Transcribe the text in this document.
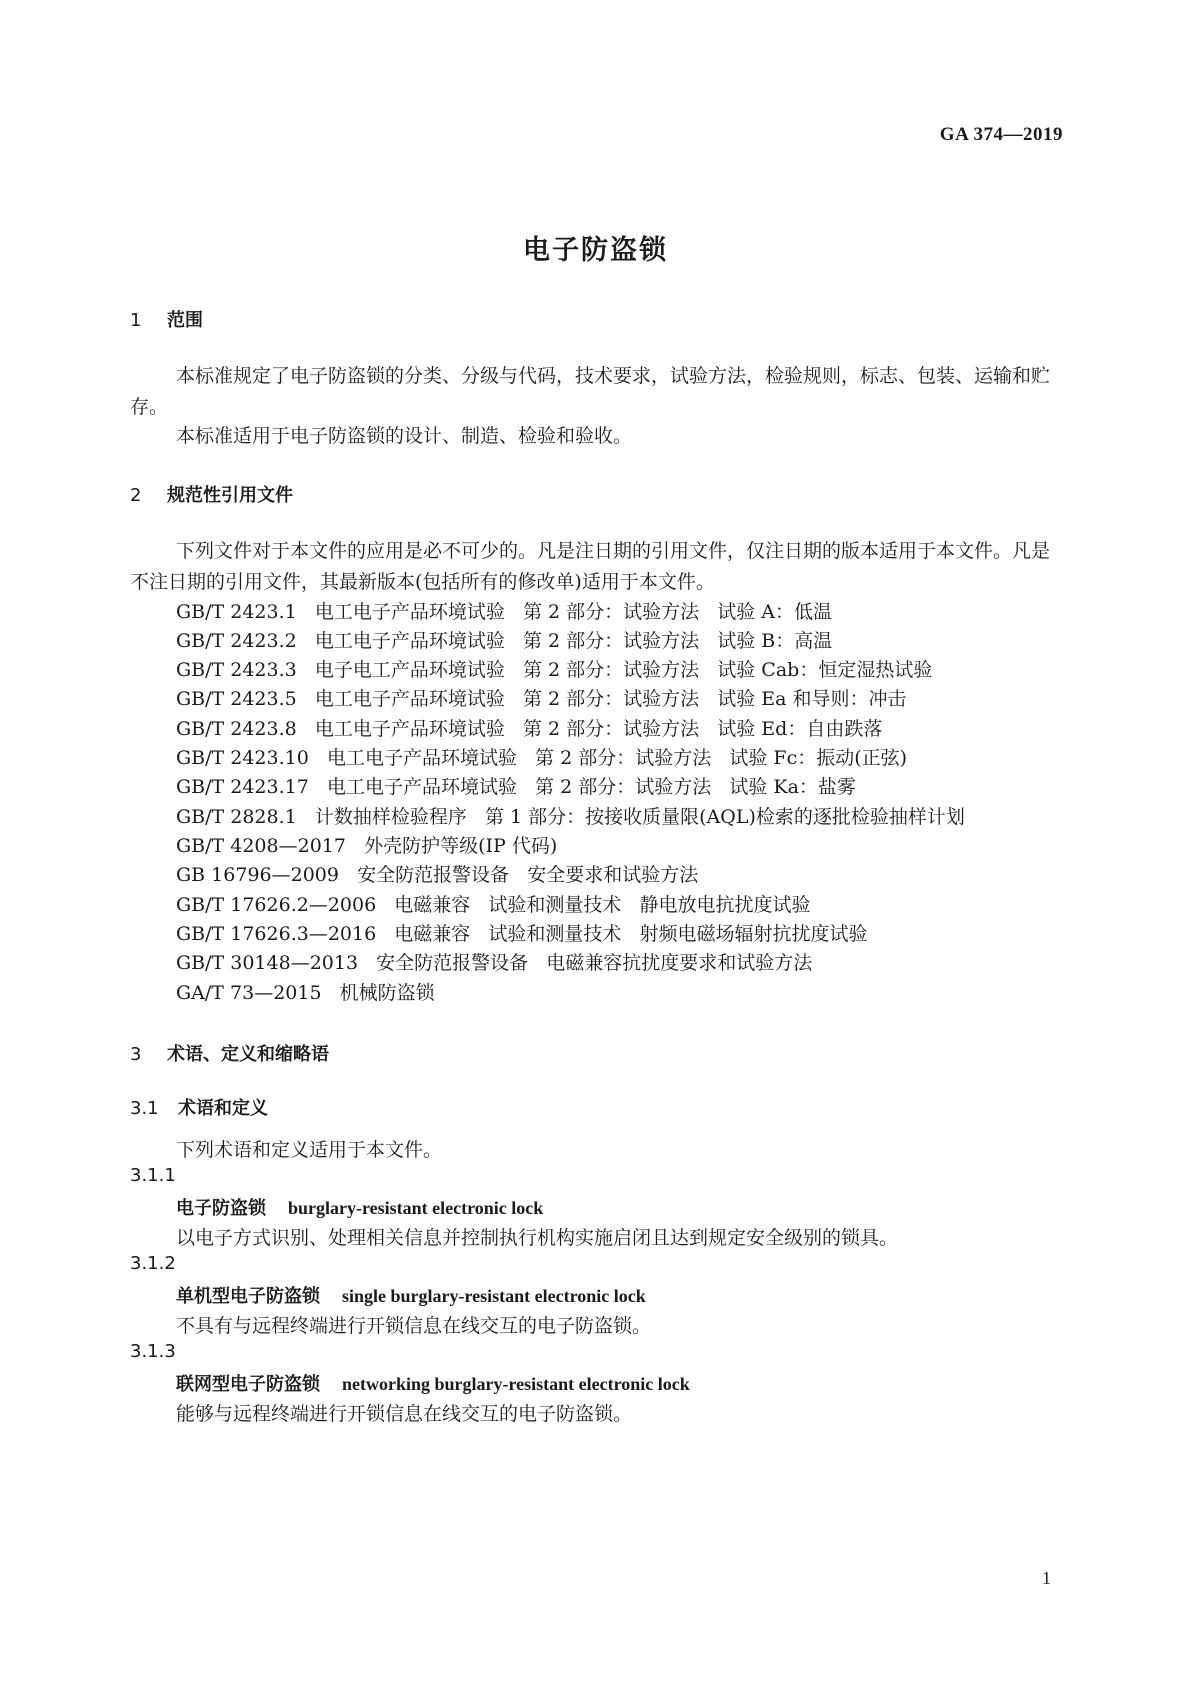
GA 374—2019
电子防盗锁
1 范围
本标准规定了电子防盗锁的分类、分级与代码，技术要求，试验方法，检验规则，标志、包装、运输和贮存。
本标准适用于电子防盗锁的设计、制造、检验和验收。
2 规范性引用文件
下列文件对于本文件的应用是必不可少的。凡是注日期的引用文件，仅注日期的版本适用于本文件。凡是不注日期的引用文件，其最新版本(包括所有的修改单)适用于本文件。
GB/T 2423.1   电工电子产品环境试验   第 2 部分：试验方法   试验 A：低温
GB/T 2423.2   电工电子产品环境试验   第 2 部分：试验方法   试验 B：高温
GB/T 2423.3   电子电工产品环境试验   第 2 部分：试验方法   试验 Cab：恒定湿热试验
GB/T 2423.5   电工电子产品环境试验   第 2 部分：试验方法   试验 Ea 和导则：冲击
GB/T 2423.8   电工电子产品环境试验   第 2 部分：试验方法   试验 Ed：自由跌落
GB/T 2423.10   电工电子产品环境试验   第 2 部分：试验方法   试验 Fc：振动(正弦)
GB/T 2423.17   电工电子产品环境试验   第 2 部分：试验方法   试验 Ka：盐雾
GB/T 2828.1   计数抽样检验程序   第 1 部分：按接收质量限(AQL)检索的逐批检验抽样计划
GB/T 4208—2017   外壳防护等级(IP 代码)
GB 16796—2009   安全防范报警设备   安全要求和试验方法
GB/T 17626.2—2006   电磁兼容   试验和测量技术   静电放电抗扰度试验
GB/T 17626.3—2016   电磁兼容   试验和测量技术   射频电磁场辐射抗扰度试验
GB/T 30148—2013   安全防范报警设备   电磁兼容抗扰度要求和试验方法
GA/T 73—2015   机械防盗锁
3 术语、定义和缩略语
3.1 术语和定义
下列术语和定义适用于本文件。
3.1.1
电子防盗锁 burglary-resistant electronic lock
以电子方式识别、处理相关信息并控制执行机构实施启闭且达到规定安全级别的锁具。
3.1.2
单机型电子防盗锁 single burglary-resistant electronic lock
不具有与远程终端进行开锁信息在线交互的电子防盗锁。
3.1.3
联网型电子防盗锁 networking burglary-resistant electronic lock
能够与远程终端进行开锁信息在线交互的电子防盗锁。
1
